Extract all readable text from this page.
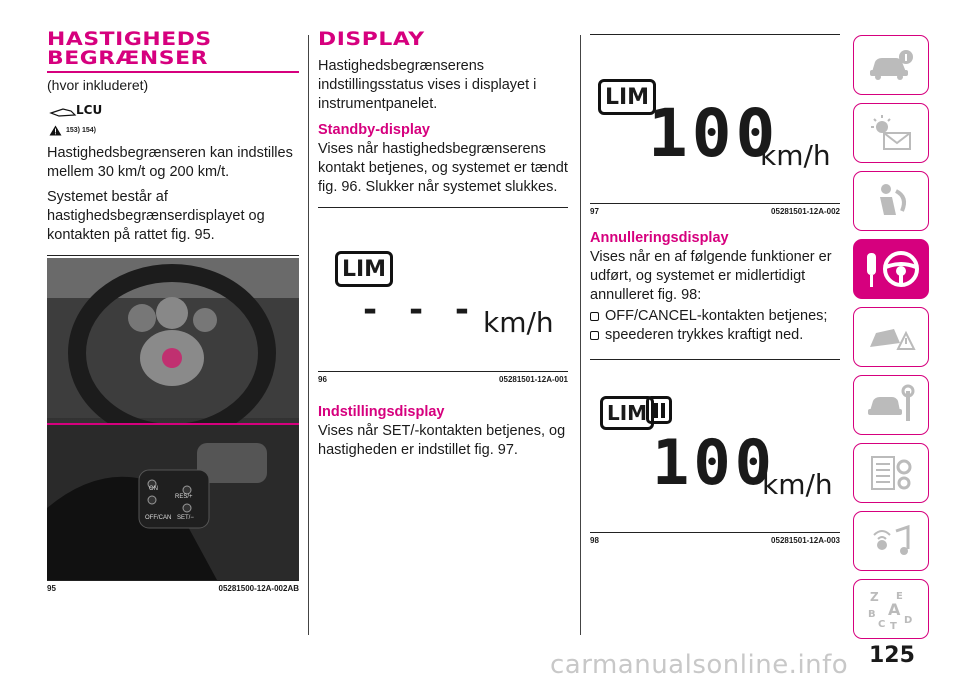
HASTIGHEDS
BEGRÆNSER
(hvor inkluderet)
LCU
153) 154)

Hastighedsbegrænseren kan indstilles mellem 30 km/t og 200 km/t.

Systemet består af hastighedsbegrænserdisplayet og kontakten på rattet fig. 95.

ON
RES/+
OFF/CAN SET/−
95	05281500-12A-002AB
DISPLAY

Hastighedsbegrænserens indstillingsstatus vises i displayet i instrumentpanelet.

Standby-display

Vises når hastighedsbegrænserens kontakt betjenes, og systemet er tændt fig. 96. Slukker når systemet slukkes.

LIM
- - - km/h
96	05281501-12A-001
Indstillingsdisplay

Vises når SET/-kontakten betjenes, og hastigheden er indstillet fig. 97.

LIM
100
km/h
97	05281501-12A-002
Annulleringsdisplay

Vises når en af følgende funktioner er udført, og systemet er midlertidigt annulleret fig. 98:

OFF/CANCEL-kontakten betjenes;
speederen trykkes kraftigt ned.
LIM
100
km/h
98	05281501-12A-003
Z E
B A
C T
D
125
carmanualsonline.info
